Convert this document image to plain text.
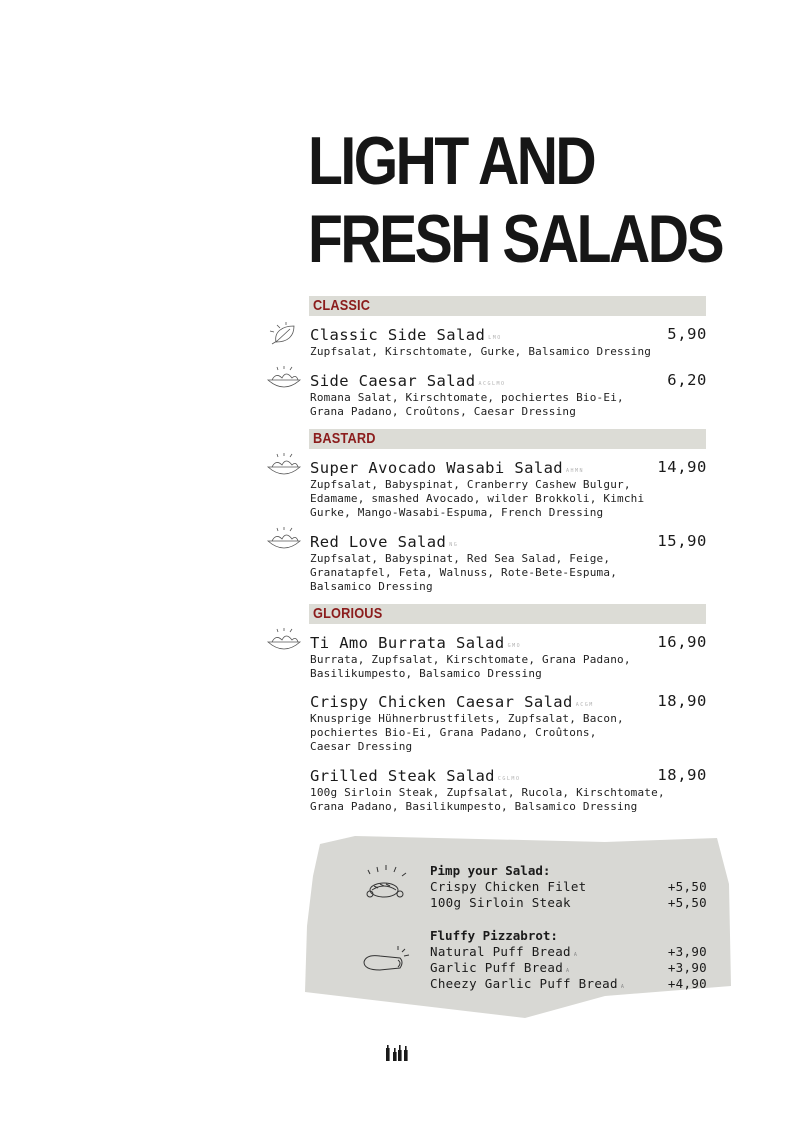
LIGHT AND
FRESH SALADS
CLASSIC
Classic Side Salad LMO	5,90
Zupfsalat, Kirschtomate, Gurke, Balsamico Dressing
Side Caesar Salad ACGLMO	6,20
Romana Salat, Kirschtomate, pochiertes Bio-Ei,
Grana Padano, Croûtons, Caesar Dressing
BASTARD
Super Avocado Wasabi Salad AHMN	14,90
Zupfsalat, Babyspinat, Cranberry Cashew Bulgur,
Edamame, smashed Avocado, wilder Brokkoli, Kimchi
Gurke, Mango-Wasabi-Espuma, French Dressing
Red Love Salad NG	15,90
Zupfsalat, Babyspinat, Red Sea Salad, Feige,
Granatapfel, Feta, Walnuss, Rote-Bete-Espuma,
Balsamico Dressing
GLORIOUS
Ti Amo Burrata Salad GMO	16,90
Burrata, Zupfsalat, Kirschtomate, Grana Padano,
Basilikumpesto, Balsamico Dressing
Crispy Chicken Caesar Salad ACGM	18,90
Knusprige Hühnerbrustfilets, Zupfsalat, Bacon,
pochiertes Bio-Ei, Grana Padano, Croûtons,
Caesar Dressing
Grilled Steak Salad CGLMO	18,90
100g Sirloin Steak, Zupfsalat, Rucola, Kirschtomate,
Grana Padano, Basilikumpesto, Balsamico Dressing
Pimp your Salad:
Crispy Chicken Filet	+5,50
100g Sirloin Steak	+5,50
Fluffy Pizzabrot:
Natural Puff Bread A	+3,90
Garlic Puff Bread A	+3,90
Cheezy Garlic Puff Bread A	+4,90
